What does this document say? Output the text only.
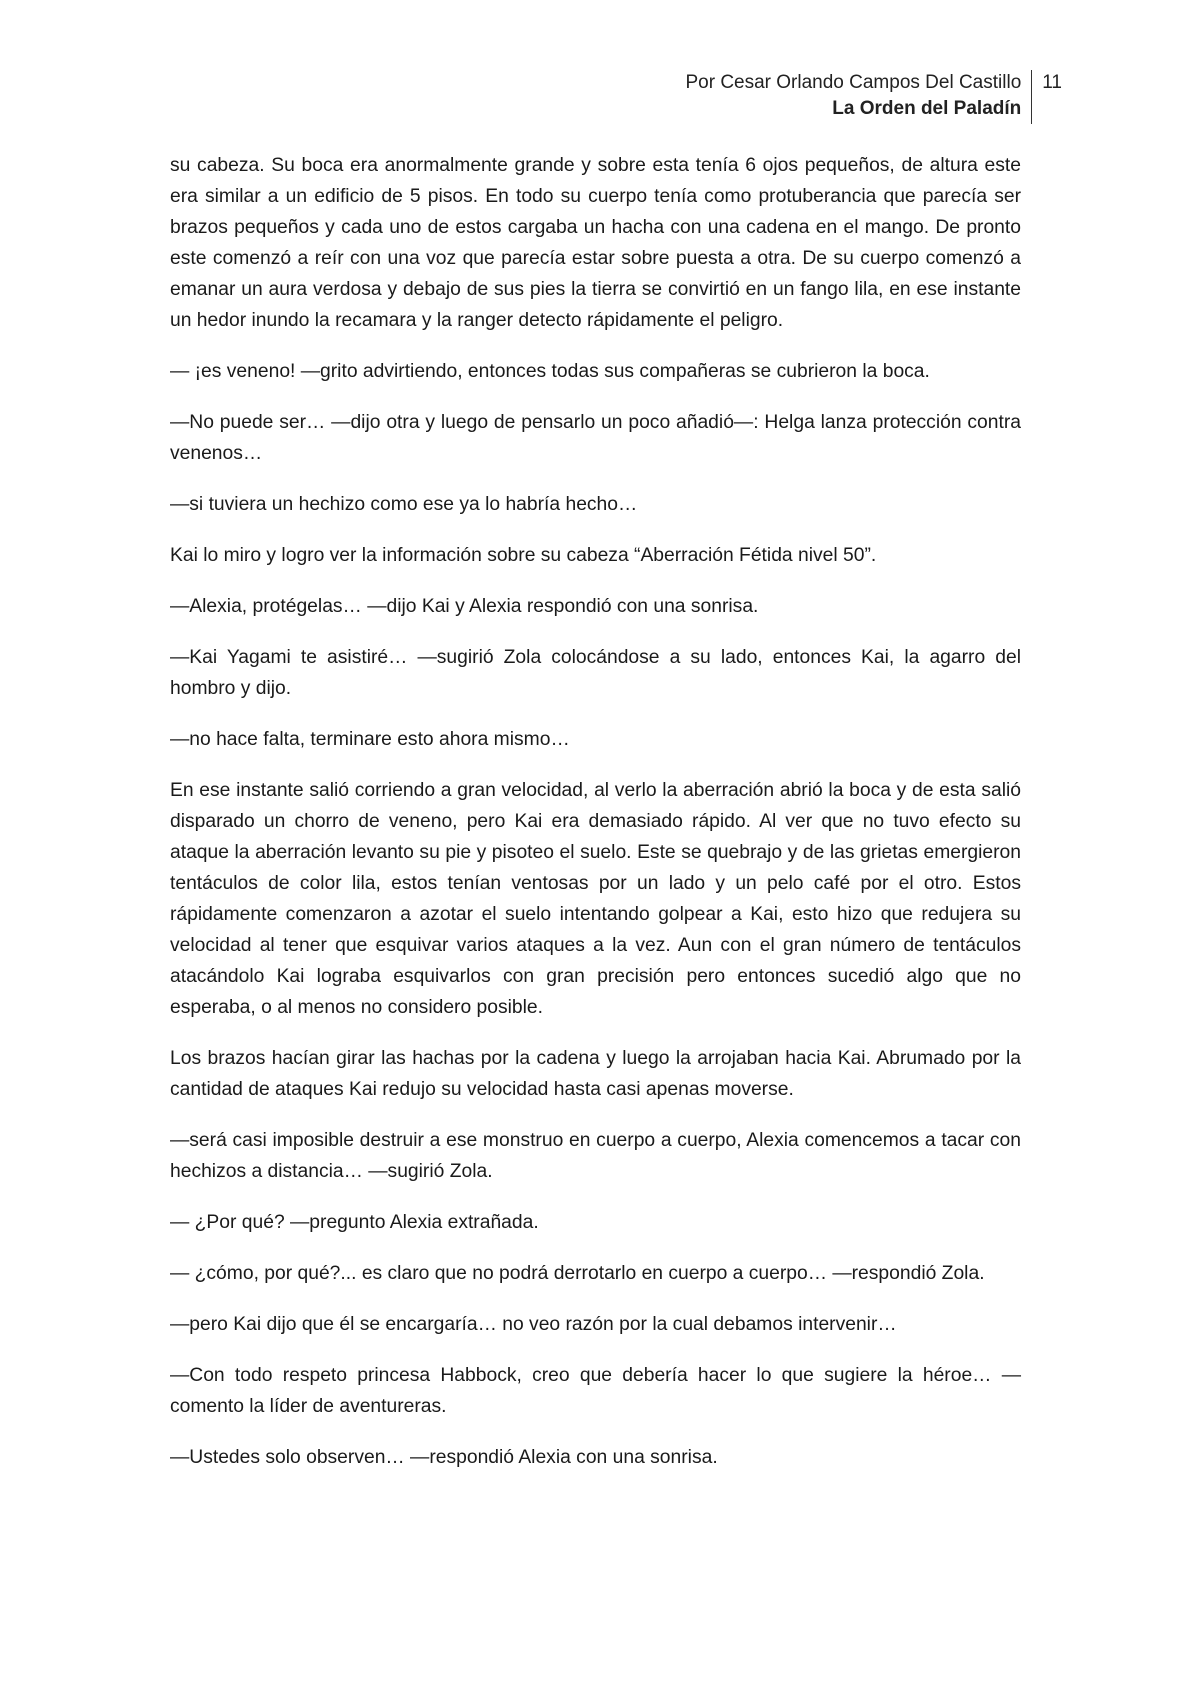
Por Cesar Orlando Campos Del Castillo
La Orden del Paladín
11

su cabeza. Su boca era anormalmente grande y sobre esta tenía 6 ojos pequeños, de altura este era similar a un edificio de 5 pisos. En todo su cuerpo tenía como protuberancia que parecía ser brazos pequeños y cada uno de estos cargaba un hacha con una cadena en el mango. De pronto este comenzó a reír con una voz que parecía estar sobre puesta a otra. De su cuerpo comenzó a emanar un aura verdosa y debajo de sus pies la tierra se convirtió en un fango lila, en ese instante un hedor inundo la recamara y la ranger detecto rápidamente el peligro.

— ¡es veneno! —grito advirtiendo, entonces todas sus compañeras se cubrieron la boca.

—No puede ser… —dijo otra y luego de pensarlo un poco añadió—: Helga lanza protección contra venenos…

—si tuviera un hechizo como ese ya lo habría hecho…

Kai lo miro y logro ver la información sobre su cabeza “Aberración Fétida nivel 50”.

—Alexia, protégelas… —dijo Kai y Alexia respondió con una sonrisa.

—Kai Yagami te asistiré… —sugirió Zola colocándose a su lado, entonces Kai, la agarro del hombro y dijo.

—no hace falta, terminare esto ahora mismo…

En ese instante salió corriendo a gran velocidad, al verlo la aberración abrió la boca y de esta salió disparado un chorro de veneno, pero Kai era demasiado rápido. Al ver que no tuvo efecto su ataque la aberración levanto su pie y pisoteo el suelo. Este se quebrajo y de las grietas emergieron tentáculos de color lila, estos tenían ventosas por un lado y un pelo café por el otro. Estos rápidamente comenzaron a azotar el suelo intentando golpear a Kai, esto hizo que redujera su velocidad al tener que esquivar varios ataques a la vez. Aun con el gran número de tentáculos atacándolo Kai lograba esquivarlos con gran precisión pero entonces sucedió algo que no esperaba, o al menos no considero posible.

Los brazos hacían girar las hachas por la cadena y luego la arrojaban hacia Kai. Abrumado por la cantidad de ataques Kai redujo su velocidad hasta casi apenas moverse.

—será casi imposible destruir a ese monstruo en cuerpo a cuerpo, Alexia comencemos a tacar con hechizos a distancia… —sugirió Zola.

— ¿Por qué? —pregunto Alexia extrañada.

— ¿cómo, por qué?... es claro que no podrá derrotarlo en cuerpo a cuerpo… —respondió Zola.

—pero Kai dijo que él se encargaría… no veo razón por la cual debamos intervenir…

—Con todo respeto princesa Habbock, creo que debería hacer lo que sugiere la héroe… —comento la líder de aventureras.

—Ustedes solo observen… —respondió Alexia con una sonrisa.
